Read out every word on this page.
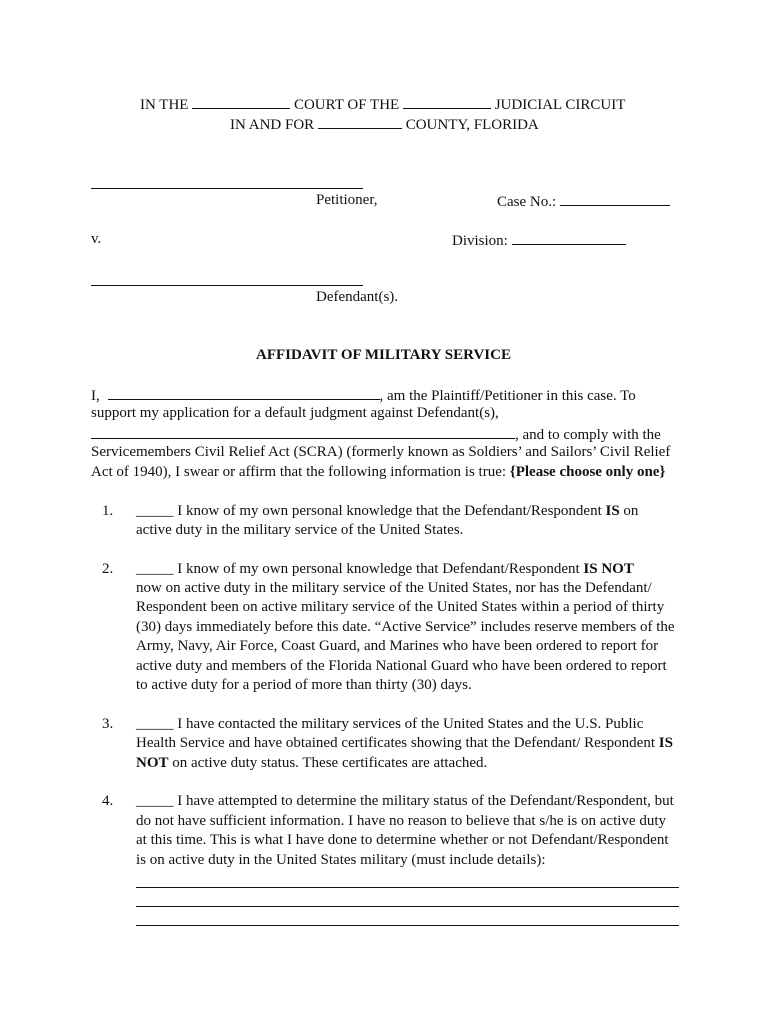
IN THE	COURT OF THE	JUDICIAL CIRCUIT
IN AND FOR	COUNTY, FLORIDA
Petitioner,	Case No.:
v.	Division:
Defendant(s).
AFFIDAVIT OF MILITARY SERVICE
I,	, am the Plaintiff/Petitioner in this case. To
support my application for a default judgment against Defendant(s),
, and to comply with the
Servicemembers Civil Relief Act (SCRA) (formerly known as Soldiers’ and Sailors’ Civil Relief
Act of 1940), I swear or affirm that the following information is true: {Please choose only one}
1. _____ I know of my own personal knowledge that the Defendant/Respondent IS on
active duty in the military service of the United States.
2. _____ I know of my own personal knowledge that Defendant/Respondent IS NOT
now on active duty in the military service of the United States, nor has the Defendant/
Respondent been on active military service of the United States within a period of thirty
(30) days immediately before this date. “Active Service” includes reserve members of the
Army, Navy, Air Force, Coast Guard, and Marines who have been ordered to report for
active duty and members of the Florida National Guard who have been ordered to report
to active duty for a period of more than thirty (30) days.
3. _____ I have contacted the military services of the United States and the U.S. Public
Health Service and have obtained certificates showing that the Defendant/ Respondent IS
NOT on active duty status. These certificates are attached.
4. _____ I have attempted to determine the military status of the Defendant/Respondent, but
do not have sufficient information. I have no reason to believe that s/he is on active duty
at this time. This is what I have done to determine whether or not Defendant/Respondent
is on active duty in the United States military (must include details):
